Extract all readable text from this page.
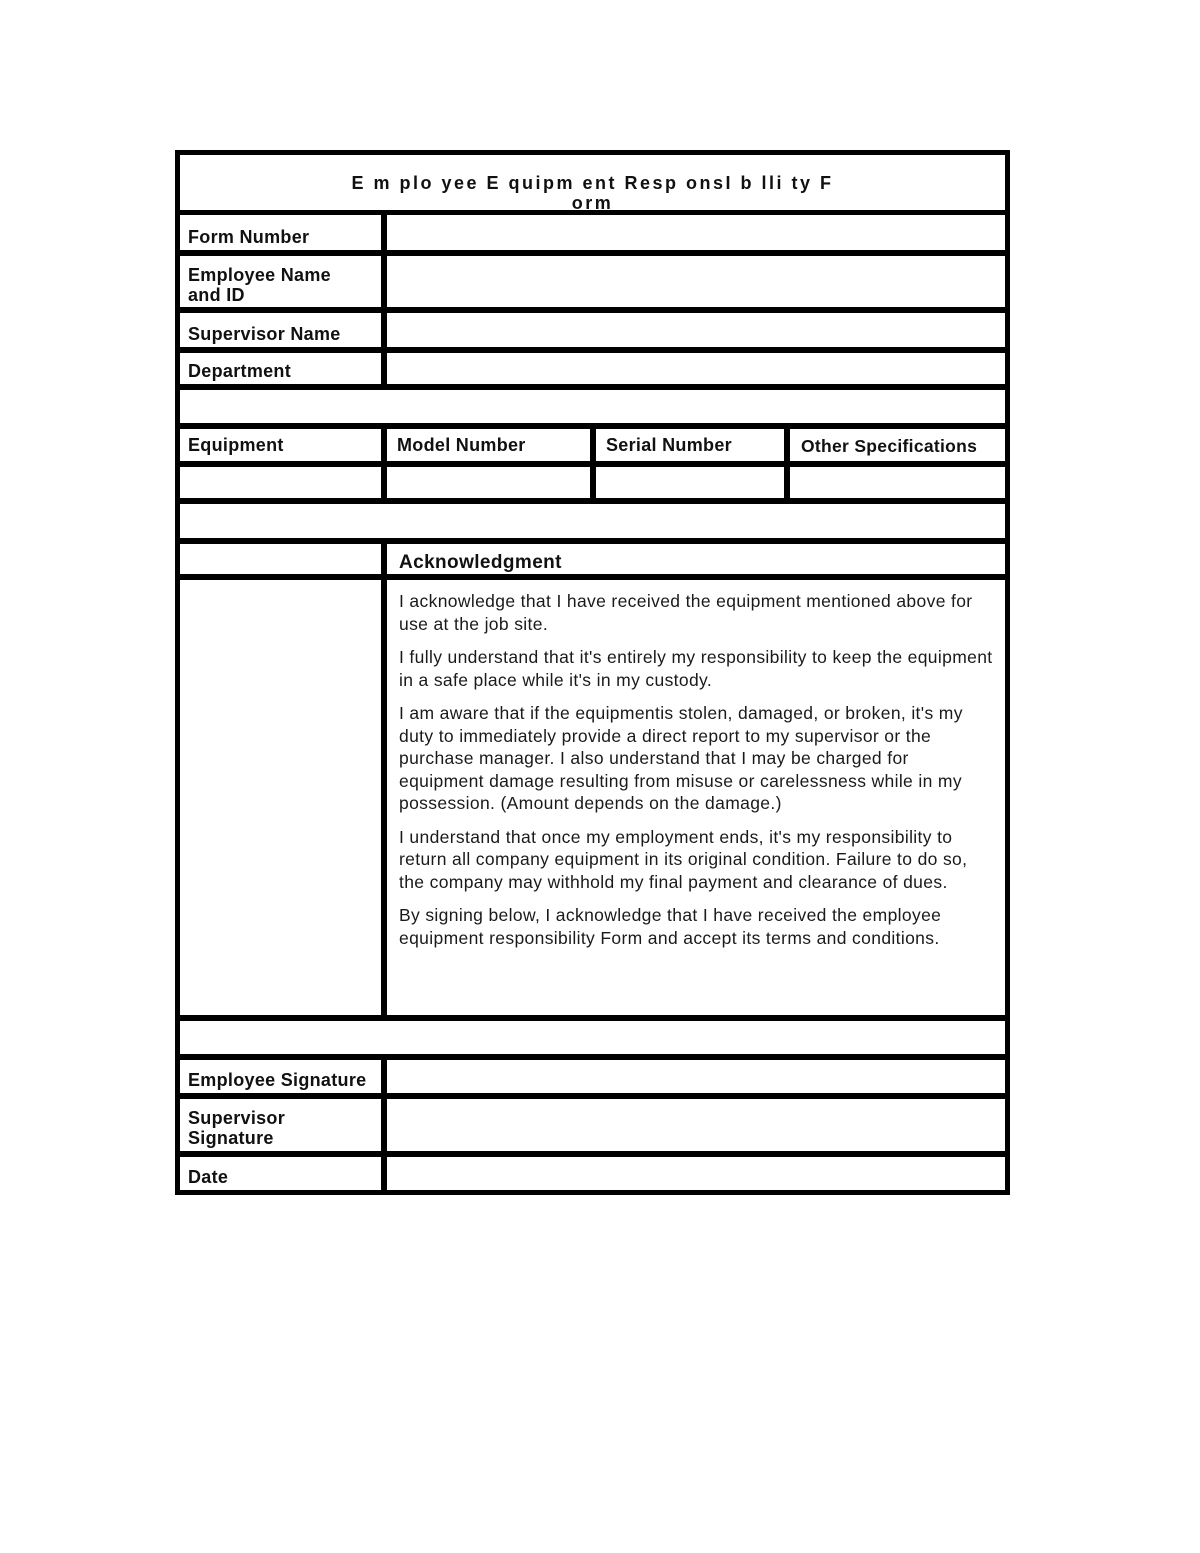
E m plo yee E quipm ent Resp onsI b lli ty F
orm
Form Number
Employee Name and ID
Supervisor Name
Department
Equipment	Model Number	Serial Number	Other Specifications
Acknowledgment

I acknowledge that I have received the equipment mentioned above for use at the job site.

I fully understand that it's entirely my responsibility to keep the equipment in a safe place while it's in my custody.

I am aware that if the equipmentis stolen, damaged, or broken, it's my duty to immediately provide a direct report to my supervisor or the purchase manager. I also understand that I may be charged for equipment damage resulting from misuse or carelessness while in my possession. (Amount depends on the damage.)

I understand that once my employment ends, it's my responsibility to return all company equipment in its original condition. Failure to do so, the company may withhold my final payment and clearance of dues.

By signing below, I acknowledge that I have received the employee equipment responsibility Form and accept its terms and conditions.

Employee Signature
Supervisor Signature
Date
